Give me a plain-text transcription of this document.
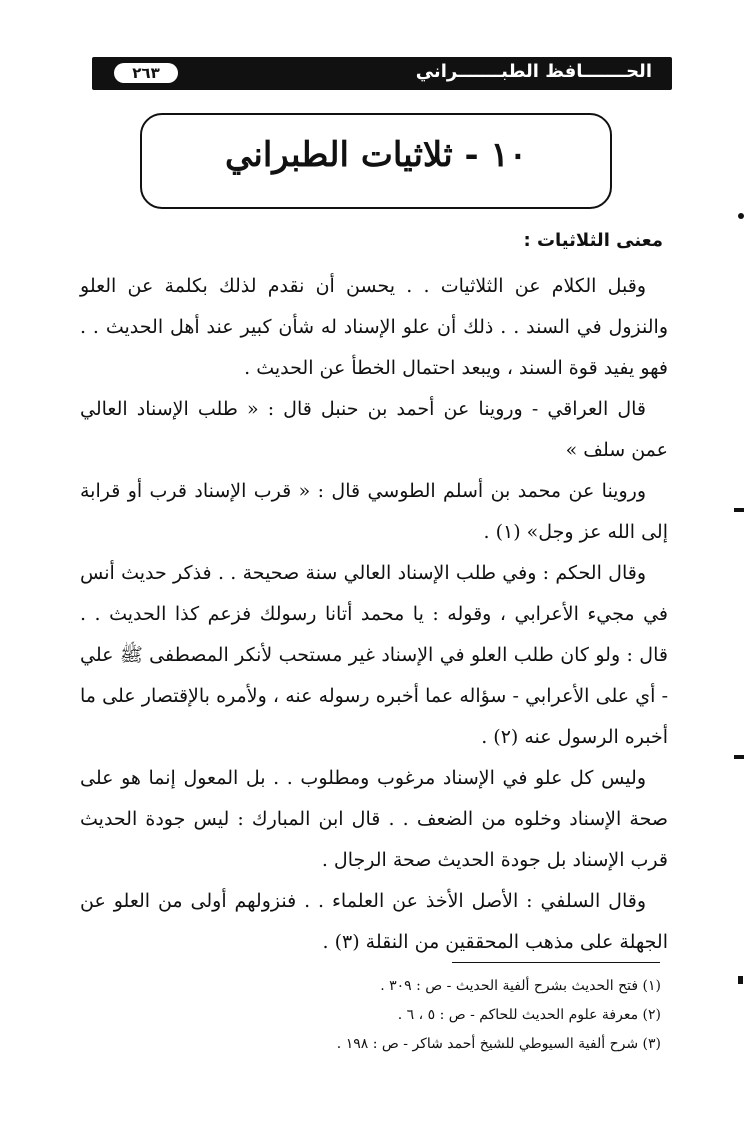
٢٦٣	الحـــــــافظ الطبـــــــراني
١٠ - ثلاثيات الطبراني
معنى الثلاثيات :

وقبل الكلام عن الثلاثيات . . يحسن أن نقدم لذلك بكلمة عن العلو والنزول في السند . . ذلك أن علو الإسناد له شأن كبير عند أهل الحديث . . فهو يفيد قوة السند ، ويبعد احتمال الخطأ عن الحديث .

قال العراقي - وروينا عن أحمد بن حنبل قال : « طلب الإسناد العالي عمن سلف »

وروينا عن محمد بن أسلم الطوسي قال : « قرب الإسناد قرب أو قرابة إلى الله عز وجل» (١) .

وقال الحكم : وفي طلب الإسناد العالي سنة صحيحة . . فذكر حديث أنس في مجيء الأعرابي ، وقوله : يا محمد أتانا رسولك فزعم كذا الحديث . . قال : ولو كان طلب العلو في الإسناد غير مستحب لأنكر المصطفى ﷺ علي - أي على الأعرابي - سؤاله عما أخبره رسوله عنه ، ولأمره بالإقتصار على ما أخبره الرسول عنه (٢) .

وليس كل علو في الإسناد مرغوب ومطلوب . . بل المعول إنما هو على صحة الإسناد وخلوه من الضعف . . قال ابن المبارك : ليس جودة الحديث قرب الإسناد بل جودة الحديث صحة الرجال .

وقال السلفي : الأصل الأخذ عن العلماء . . فنزولهم أولى من العلو عن الجهلة على مذهب المحققين من النقلة (٣) .

(١) فتح الحديث بشرح ألفية الحديث - ص : ٣٠٩ .

(٢) معرفة علوم الحديث للحاكم - ص : ٥ ، ٦ .

(٣) شرح ألفية السيوطي للشيخ أحمد شاكر - ص : ١٩٨ .
